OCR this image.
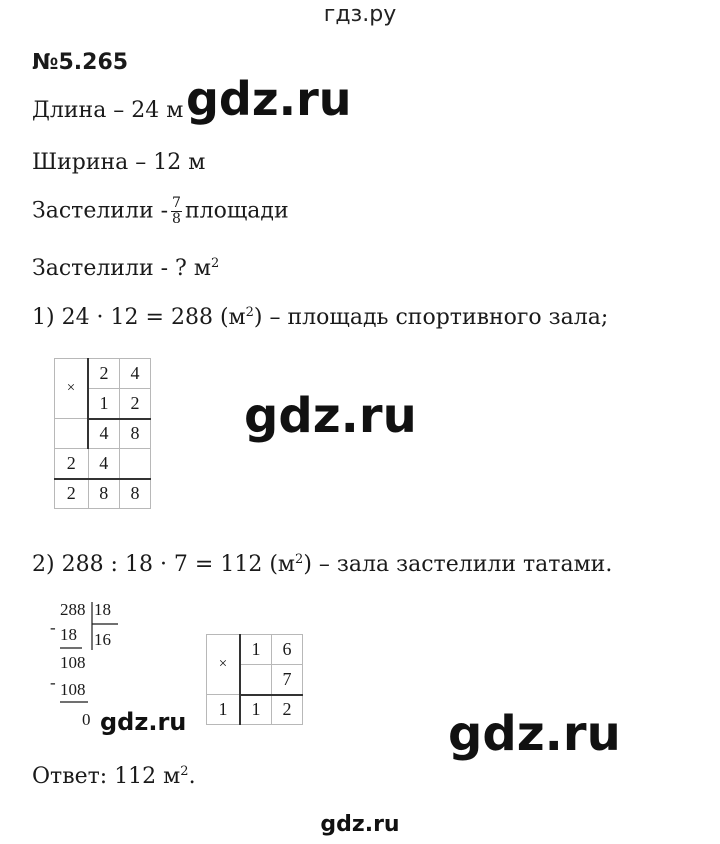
гдз.ру
№5.265
Длина – 24 м gdz.ru
Ширина – 12 м
Застелили - $\frac{7}{8}$ площади
Застелили - ? $м^2$
1) 24 · 12 = 288 $(м^2)$ – площадь спортивного зала;
×	2	4
	1	2
	4	8
2	4	
2	8	8
gdz.ru
2) 288 : 18 · 7 = 112 $(м^2)$ – зала застелили татами.
288 18
16
- 18
108
- 108
0
×	1	6
		7
1	1	2
gdz.ru	gdz.ru
Ответ: 112 $м^2$.
gdz.ru
